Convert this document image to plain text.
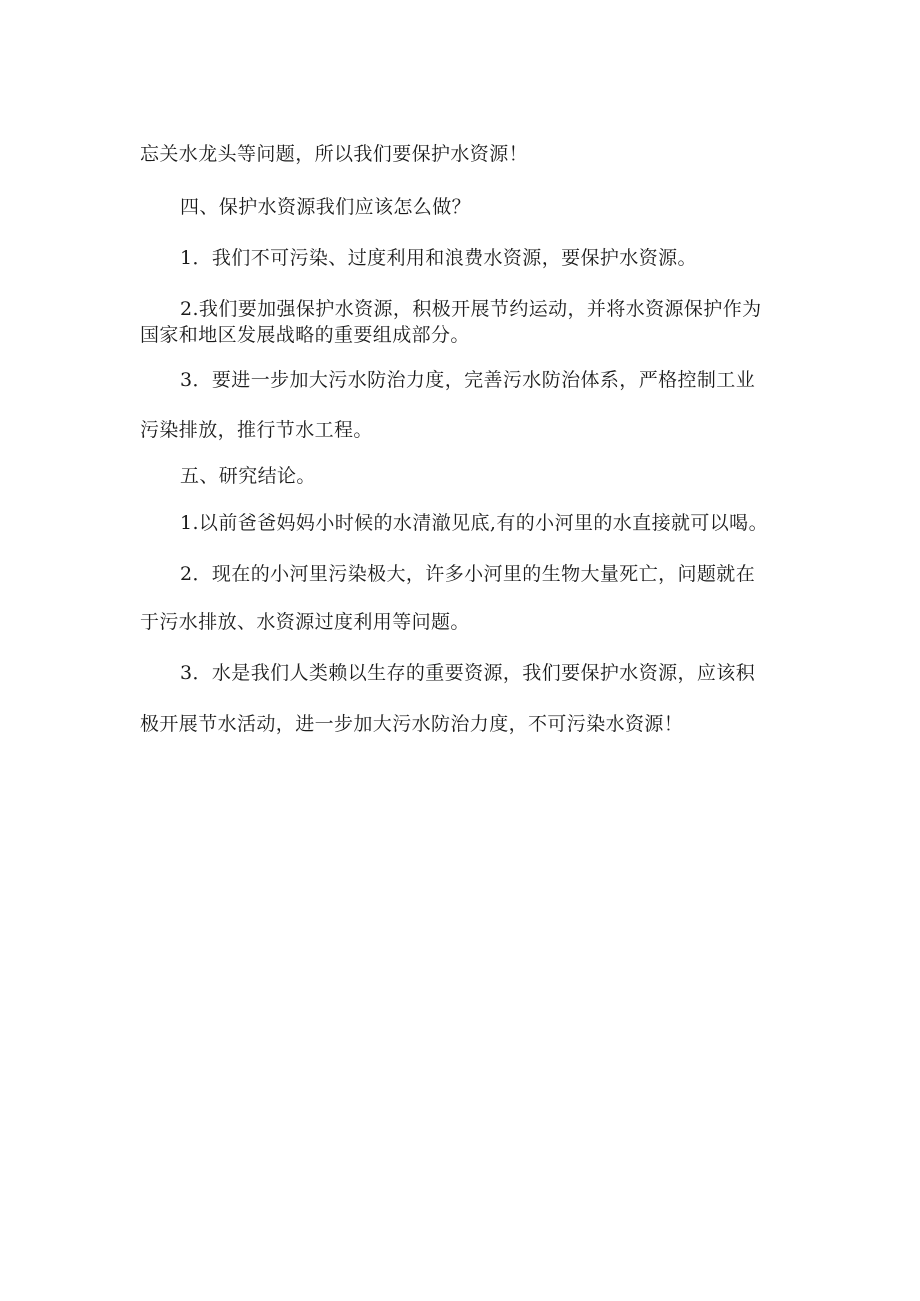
忘关水龙头等问题，所以我们要保护水资源！
四、保护水资源我们应该怎么做？
1．我们不可污染、过度利用和浪费水资源，要保护水资源。
2.我们要加强保护水资源，积极开展节约运动，并将水资源保护作为
国家和地区发展战略的重要组成部分。
3．要进一步加大污水防治力度，完善污水防治体系，严格控制工业
污染排放，推行节水工程。
五、研究结论。
1.以前爸爸妈妈小时候的水清澈见底,有的小河里的水直接就可以喝。
2．现在的小河里污染极大，许多小河里的生物大量死亡，问题就在
于污水排放、水资源过度利用等问题。
3．水是我们人类赖以生存的重要资源，我们要保护水资源，应该积
极开展节水活动，进一步加大污水防治力度，不可污染水资源！
